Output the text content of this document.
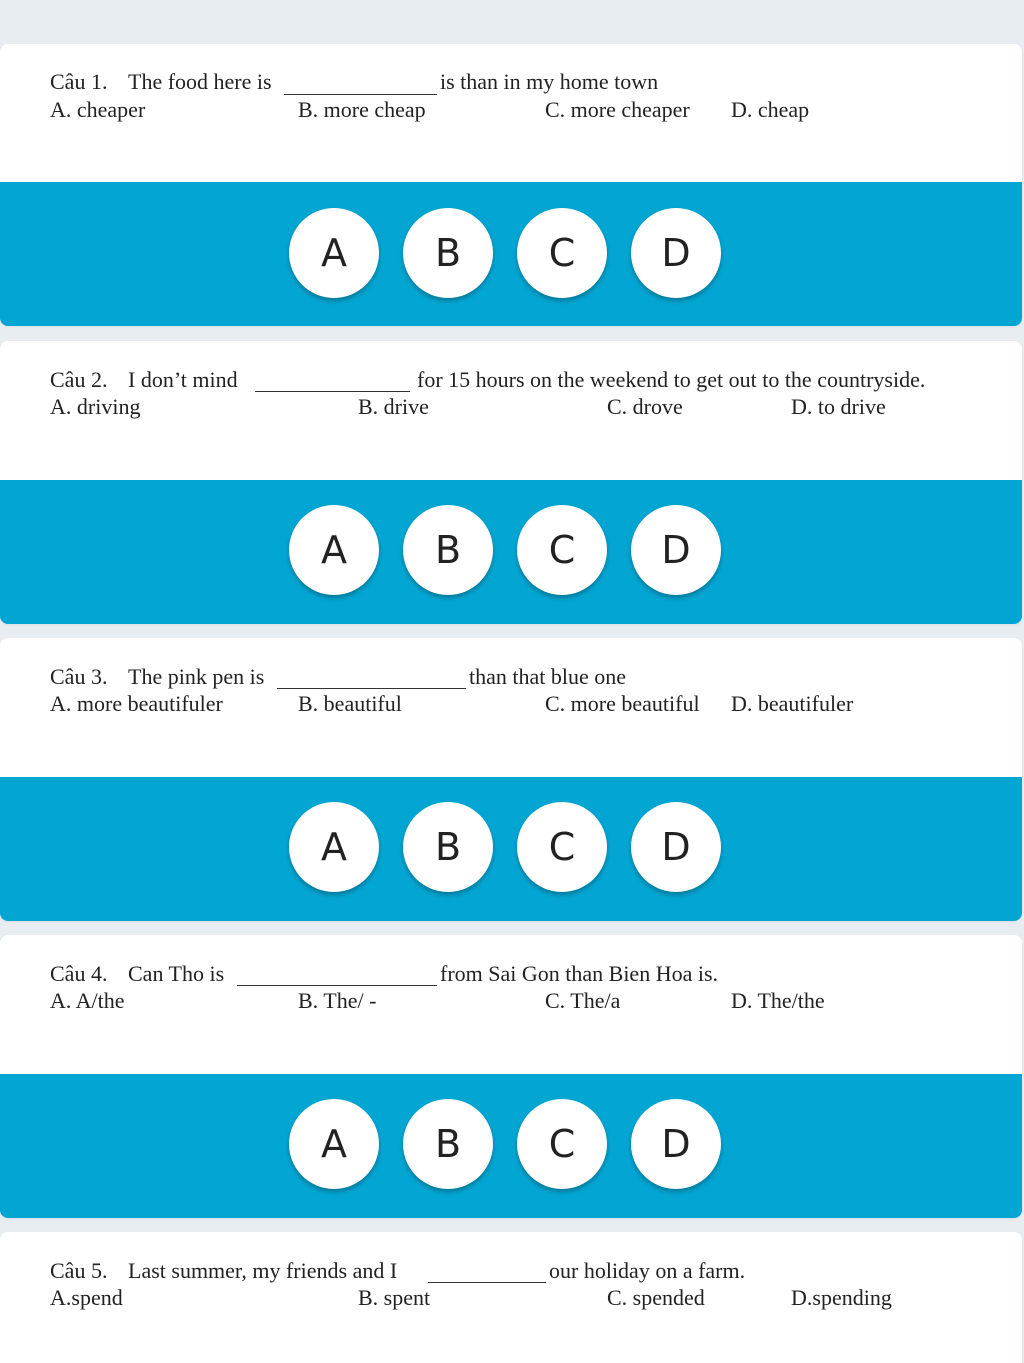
Câu 1. The food here is	is than in my home town
A. cheaper	B. more cheap	C. more cheaper D. cheap
A B C D
Câu 2. I don’t mind	for 15 hours on the weekend to get out to the countryside.
A. driving	B. drive	C. drove	D. to drive
A B C D
Câu 3. The pink pen is	than that blue one
A. more beautifuler	B. beautiful	C. more beautiful D. beautifuler
A B C D
Câu 4. Can Tho is	from Sai Gon than Bien Hoa is.
A. A/the	B. The/ -	C. The/a	D. The/the
A B C D
Câu 5. Last summer, my friends and I	our holiday on a farm.
A.spend	B. spent	C. spended	D.spending
